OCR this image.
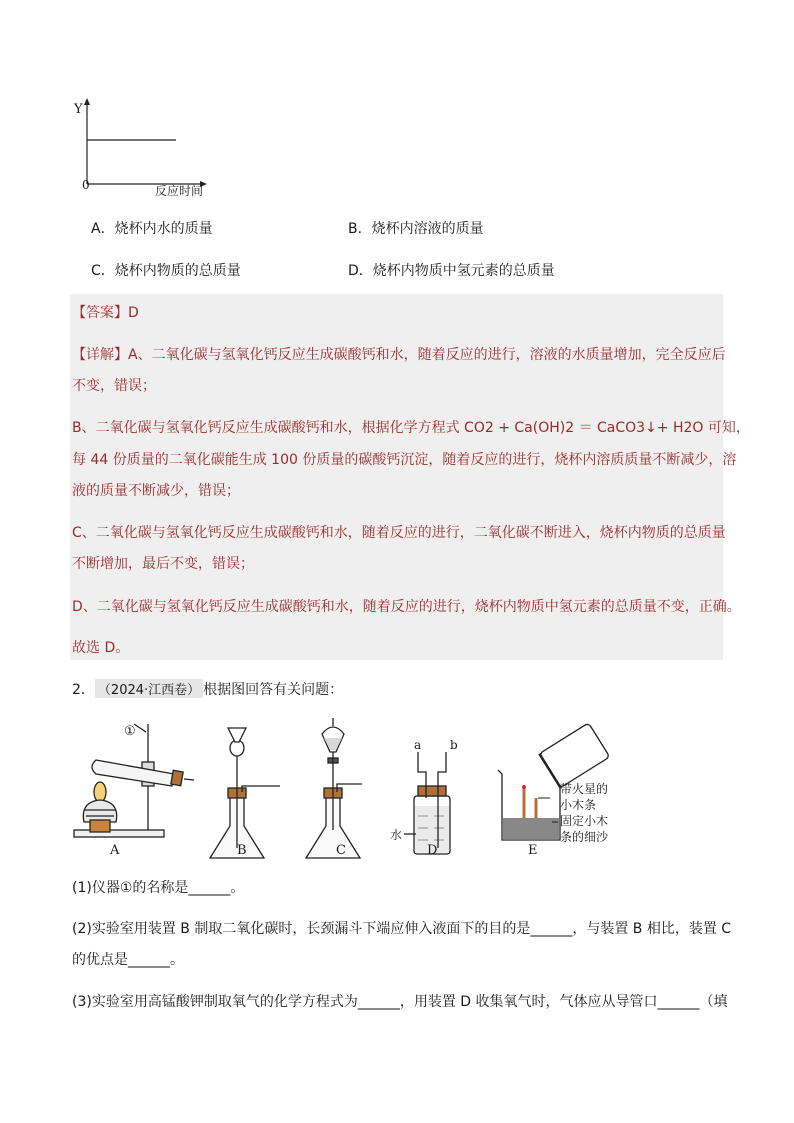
Y
0	反应时间
A．烧杯内水的质量	B．烧杯内溶液的质量
C．烧杯内物质的总质量	D．烧杯内物质中氢元素的总质量
【答案】D
【详解】A、二氧化碳与氢氧化钙反应生成碳酸钙和水，随着反应的进行，溶液的水质量增加，完全反应后
不变，错误；
B、二氧化碳与氢氧化钙反应生成碳酸钙和水，根据化学方程式 CO2 + Ca(OH)2 ＝ CaCO3↓+ H2O 可知，
每 44 份质量的二氧化碳能生成 100 份质量的碳酸钙沉淀，随着反应的进行，烧杯内溶质质量不断减少，溶
液的质量不断减少，错误；
C、二氧化碳与氢氧化钙反应生成碳酸钙和水，随着反应的进行，二氧化碳不断进入，烧杯内物质的总质量
不断增加，最后不变，错误；
D、二氧化碳与氢氧化钙反应生成碳酸钙和水，随着反应的进行，烧杯内物质中氢元素的总质量不变，正确。
故选 D。
2． （2024·江西卷） 根据图回答有关问题：
①
A	B	C	D	E
a b
水
带火星的
小木条
固定小木
条的细沙
(1)仪器①的名称是______。
(2)实验室用装置 B 制取二氧化碳时，长颈漏斗下端应伸入液面下的目的是______，与装置 B 相比，装置 C
的优点是______。
(3)实验室用高锰酸钾制取氧气的化学方程式为______，用装置 D 收集氧气时，气体应从导管口______（填
